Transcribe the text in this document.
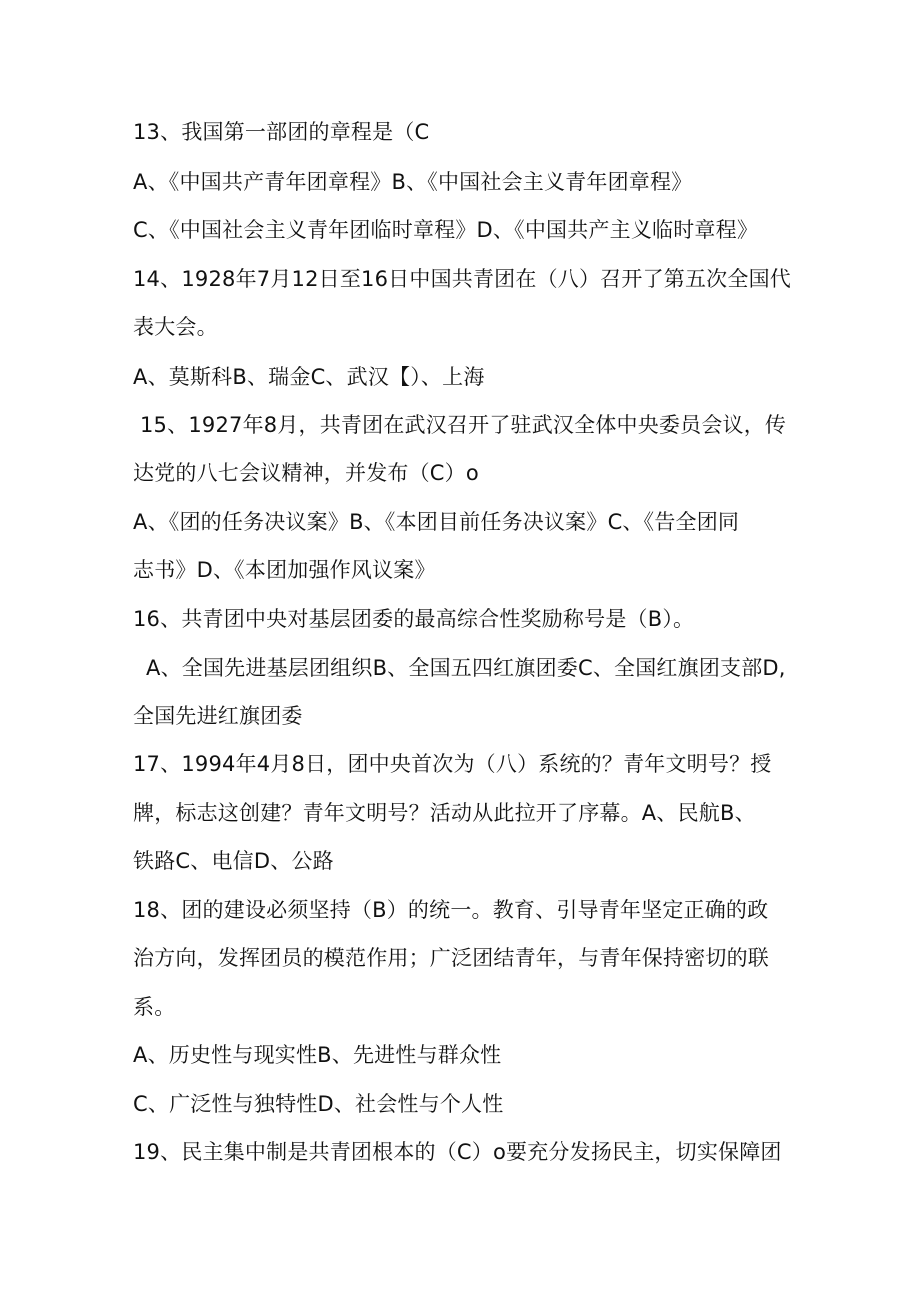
13、我国第一部团的章程是（C
A、《中国共产青年团章程》B、《中国社会主义青年团章程》
C、《中国社会主义青年团临时章程》D、《中国共产主义临时章程》
14、1928年7月12日至16日中国共青团在（八）召开了第五次全国代
表大会。
A、莫斯科B、瑞金C、武汉【）、上海
15、1927年8月，共青团在武汉召开了驻武汉全体中央委员会议，传
达党的八七会议精神，并发布（C）o
A、《团的任务决议案》B、《本团目前任务决议案》C、《告全团同
志书》D、《本团加强作风议案》
16、共青团中央对基层团委的最高综合性奖励称号是（B）。
A、全国先进基层团组织B、全国五四红旗团委C、全国红旗团支部D,
全国先进红旗团委
17、1994年4月8日，团中央首次为（八）系统的？青年文明号？授
牌，标志这创建？青年文明号？活动从此拉开了序幕。A、民航B、
铁路C、电信D、公路
18、团的建设必须坚持（B）的统一。教育、引导青年坚定正确的政
治方向，发挥团员的模范作用；广泛团结青年，与青年保持密切的联
系。
A、历史性与现实性B、先进性与群众性
C、广泛性与独特性D、社会性与个人性
19、民主集中制是共青团根本的（C）o要充分发扬民主，切实保障团
